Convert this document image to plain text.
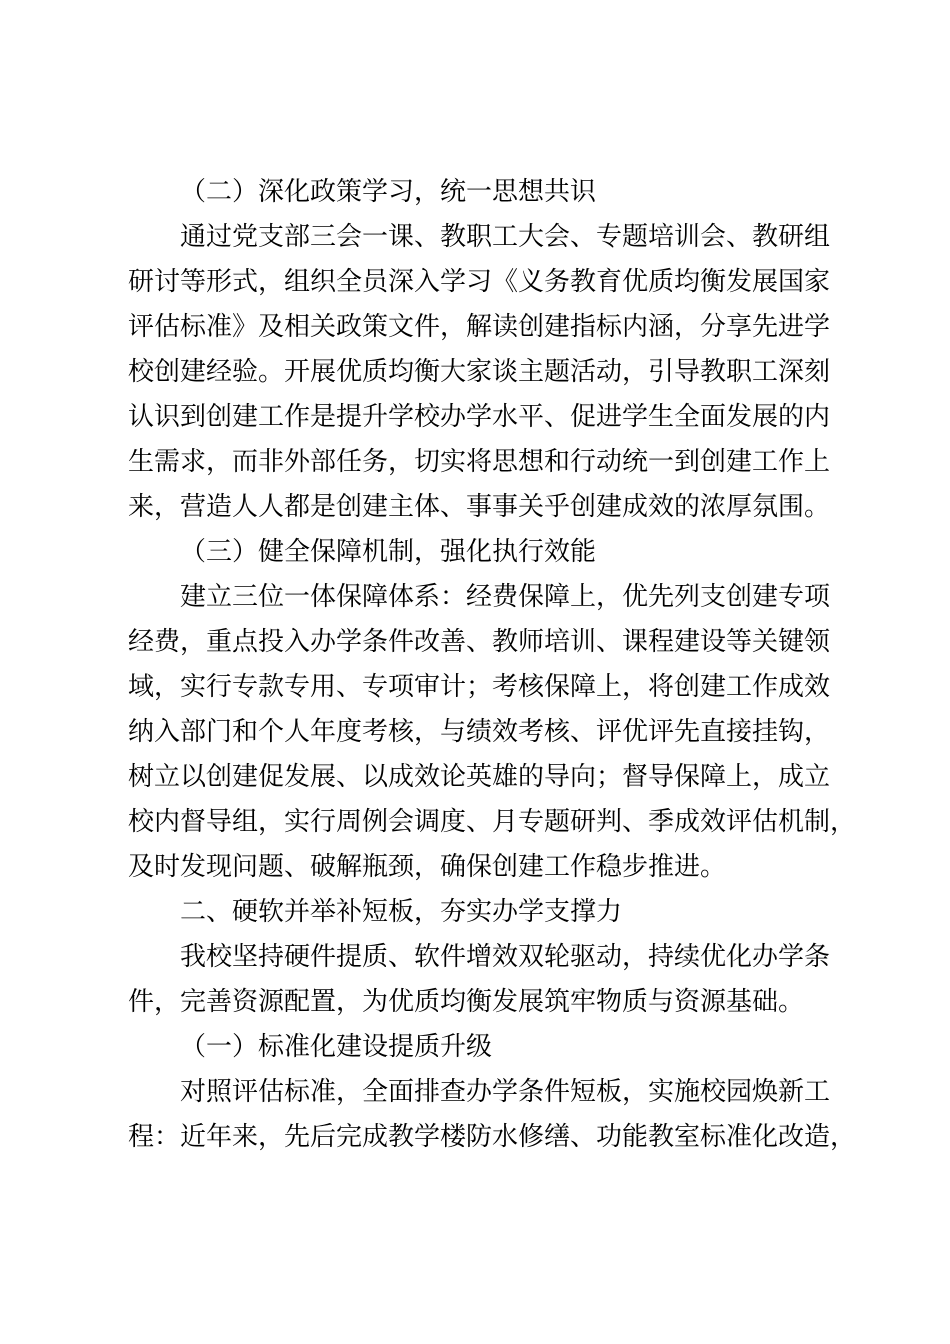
（二）深化政策学习，统一思想共识
通过党支部三会一课、教职工大会、专题培训会、教研组
研讨等形式，组织全员深入学习《义务教育优质均衡发展国家
评估标准》及相关政策文件，解读创建指标内涵，分享先进学
校创建经验。开展优质均衡大家谈主题活动，引导教职工深刻
认识到创建工作是提升学校办学水平、促进学生全面发展的内
生需求，而非外部任务，切实将思想和行动统一到创建工作上
来，营造人人都是创建主体、事事关乎创建成效的浓厚氛围。
（三）健全保障机制，强化执行效能
建立三位一体保障体系：经费保障上，优先列支创建专项
经费，重点投入办学条件改善、教师培训、课程建设等关键领
域，实行专款专用、专项审计；考核保障上，将创建工作成效
纳入部门和个人年度考核，与绩效考核、评优评先直接挂钩，
树立以创建促发展、以成效论英雄的导向；督导保障上，成立
校内督导组，实行周例会调度、月专题研判、季成效评估机制，
及时发现问题、破解瓶颈，确保创建工作稳步推进。
二、硬软并举补短板，夯实办学支撑力
我校坚持硬件提质、软件增效双轮驱动，持续优化办学条
件，完善资源配置，为优质均衡发展筑牢物质与资源基础。
（一）标准化建设提质升级
对照评估标准，全面排查办学条件短板，实施校园焕新工
程：近年来，先后完成教学楼防水修缮、功能教室标准化改造，
